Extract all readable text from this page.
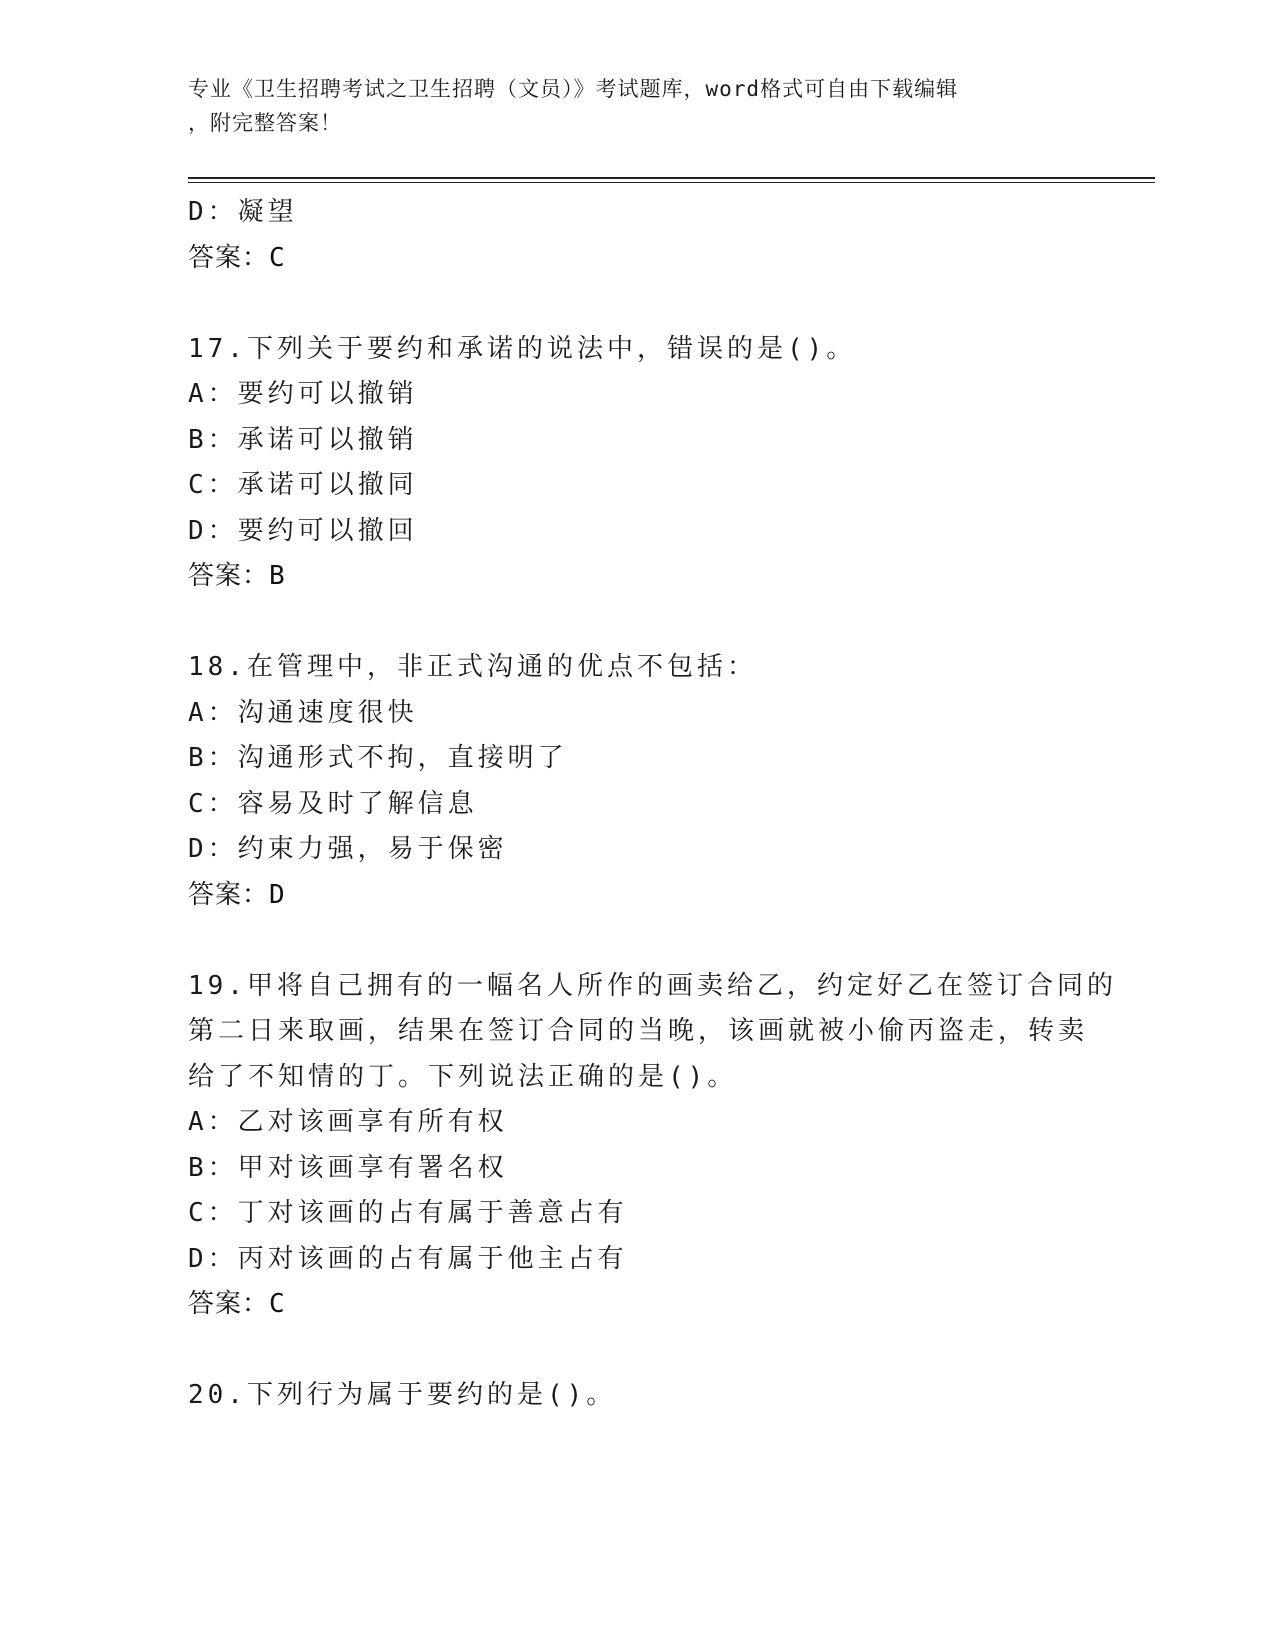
专业《卫生招聘考试之卫生招聘（文员）》考试题库，word格式可自由下载编辑
，附完整答案！
D：凝望
答案：C
17.下列关于要约和承诺的说法中，错误的是()。
A：要约可以撤销
B：承诺可以撤销
C：承诺可以撤同
D：要约可以撤回
答案：B
18.在管理中，非正式沟通的优点不包括：
A：沟通速度很快
B：沟通形式不拘，直接明了
C：容易及时了解信息
D：约束力强，易于保密
答案：D
19.甲将自己拥有的一幅名人所作的画卖给乙，约定好乙在签订合同的
第二日来取画，结果在签订合同的当晚，该画就被小偷丙盗走，转卖
给了不知情的丁。下列说法正确的是()。
A：乙对该画享有所有权
B：甲对该画享有署名权
C：丁对该画的占有属于善意占有
D：丙对该画的占有属于他主占有
答案：C
20.下列行为属于要约的是()。
